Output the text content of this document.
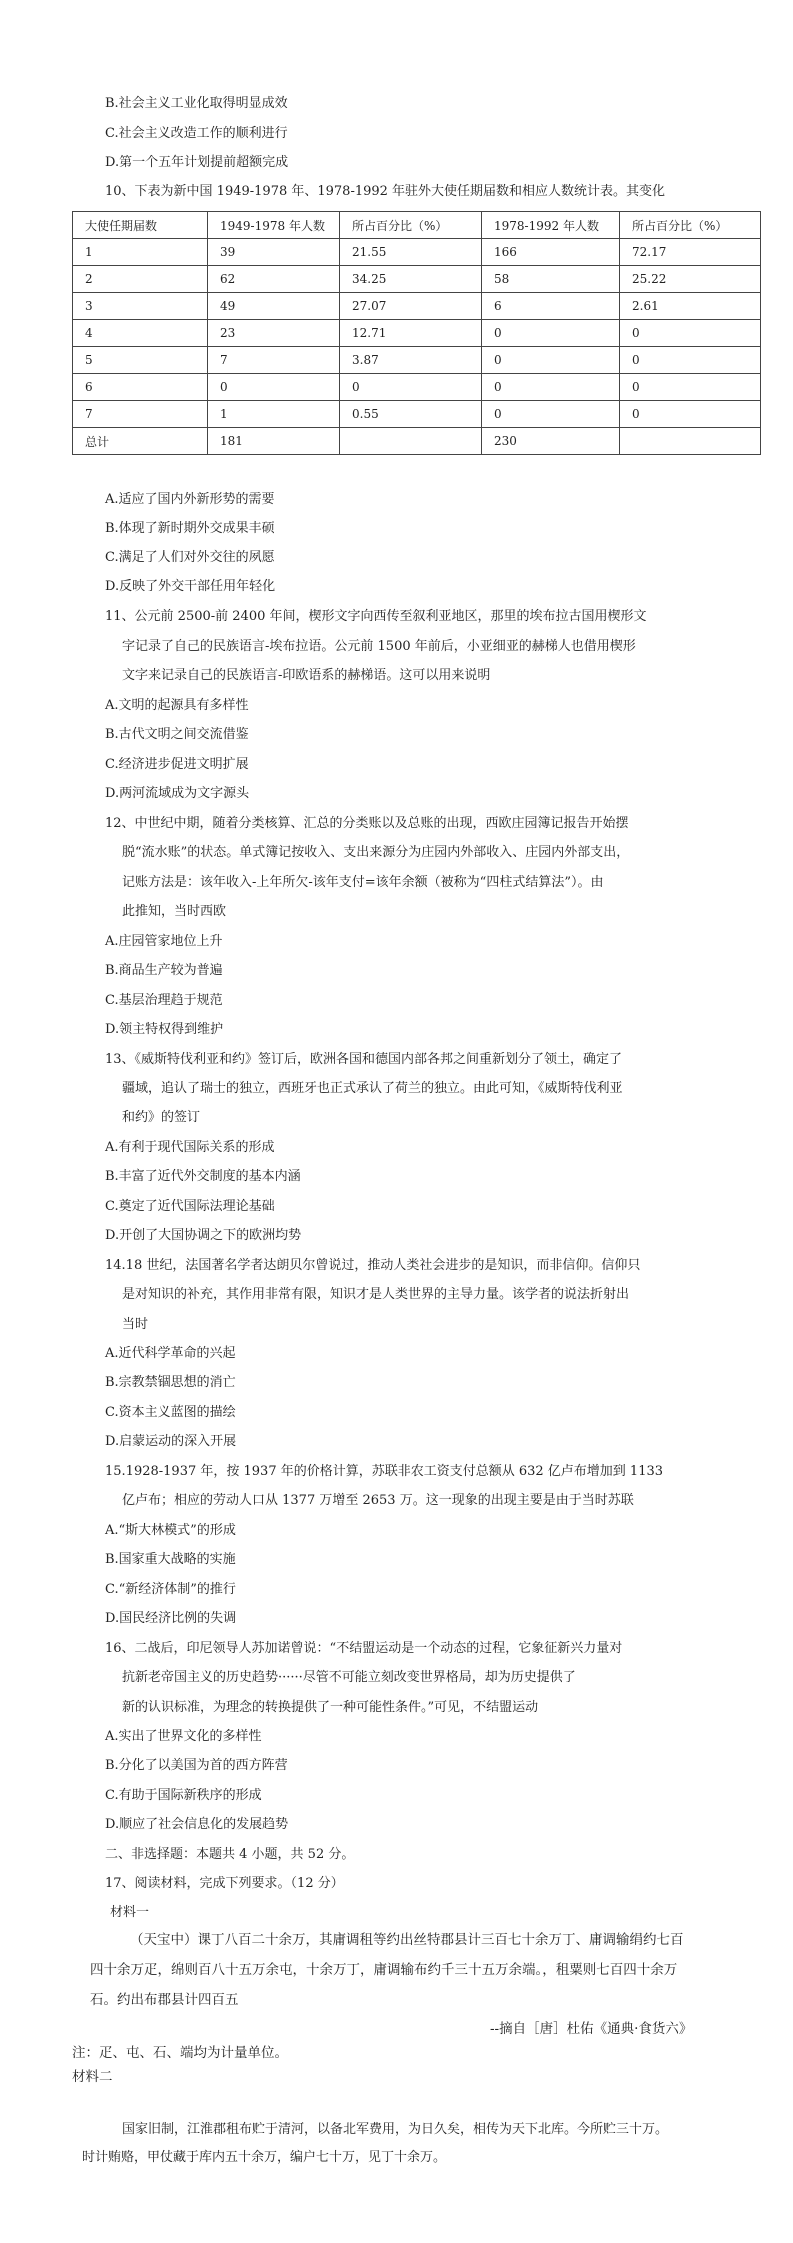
B.社会主义工业化取得明显成效
C.社会主义改造工作的顺利进行
D.第一个五年计划提前超额完成
10、下表为新中国 1949-1978 年、1978-1992 年驻外大使任期届数和相应人数统计表。其变化
大使任期届数	1949-1978 年人数	所占百分比（%）	1978-1992 年人数	所占百分比（%）
1	39	21.55	166	72.17
2	62	34.25	58	25.22
3	49	27.07	6	2.61
4	23	12.71	0	0
5	7	3.87	0	0
6	0	0	0	0
7	1	0.55	0	0
总计	181		230	
A.适应了国内外新形势的需要
B.体现了新时期外交成果丰硕
C.满足了人们对外交往的夙愿
D.反映了外交干部任用年轻化
11、公元前 2500-前 2400 年间，楔形文字向西传至叙利亚地区，那里的埃布拉古国用楔形文
字记录了自己的民族语言-埃布拉语。公元前 1500 年前后，小亚细亚的赫梯人也借用楔形
文字来记录自己的民族语言-印欧语系的赫梯语。这可以用来说明
A.文明的起源具有多样性
B.古代文明之间交流借鉴
C.经济进步促进文明扩展
D.两河流域成为文字源头
12、中世纪中期，随着分类核算、汇总的分类账以及总账的出现，西欧庄园簿记报告开始摆
脱“流水账”的状态。单式簿记按收入、支出来源分为庄园内外部收入、庄园内外部支出，
记账方法是：该年收入-上年所欠-该年支付=该年余额（被称为“四柱式结算法”）。由
此推知，当时西欧
A.庄园管家地位上升
B.商品生产较为普遍
C.基层治理趋于规范
D.领主特权得到维护
13、《威斯特伐利亚和约》签订后，欧洲各国和德国内部各邦之间重新划分了领土，确定了
疆域，追认了瑞士的独立，西班牙也正式承认了荷兰的独立。由此可知，《威斯特伐利亚
和约》的签订
A.有利于现代国际关系的形成
B.丰富了近代外交制度的基本内涵
C.奠定了近代国际法理论基础
D.开创了大国协调之下的欧洲均势
14.18 世纪，法国著名学者达朗贝尔曾说过，推动人类社会进步的是知识，而非信仰。信仰只
是对知识的补充，其作用非常有限，知识才是人类世界的主导力量。该学者的说法折射出
当时
A.近代科学革命的兴起
B.宗教禁锢思想的消亡
C.资本主义蓝图的描绘
D.启蒙运动的深入开展
15.1928-1937 年，按 1937 年的价格计算，苏联非农工资支付总额从 632 亿卢布增加到 1133
亿卢布；相应的劳动人口从 1377 万增至 2653 万。这一现象的出现主要是由于当时苏联
A.“斯大林模式”的形成
B.国家重大战略的实施
C.“新经济体制”的推行
D.国民经济比例的失调
16、二战后，印尼领导人苏加诺曾说：“不结盟运动是一个动态的过程，它象征新兴力量对
抗新老帝国主义的历史趋势······尽管不可能立刻改变世界格局，却为历史提供了
新的认识标准，为理念的转换提供了一种可能性条件。”可见，不结盟运动
A.实出了世界文化的多样性
B.分化了以美国为首的西方阵营
C.有助于国际新秩序的形成
D.顺应了社会信息化的发展趋势
二、非选择题：本题共 4 小题，共 52 分。
17、阅读材料，完成下列要求。（12 分）
材料一
（天宝中）课丁八百二十余万，其庸调租等约出丝特郡县计三百七十余万丁、庸调输绢约七百
四十余万疋，绵则百八十五万余屯，十余万丁，庸调输布约千三十五万余端。，租粟则七百四十余万
石。约出布郡县计四百五
--摘自［唐］杜佑《通典·食货六》
注：疋、屯、石、端均为计量单位。
材料二
国家旧制，江淮郡租布贮于清河，以备北军费用，为日久矣，相传为天下北库。今所贮三十万。
时计贿赂，甲仗藏于库内五十余万，编户七十万，见丁十余万。
